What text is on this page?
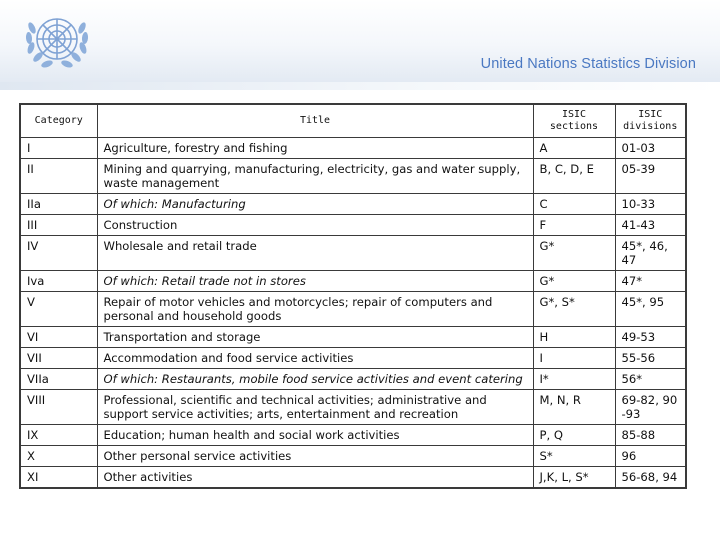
United Nations Statistics Division
Category	Title	ISIC sections	ISIC divisions
I	Agriculture, forestry and fishing	A	01-03
II	Mining and quarrying, manufacturing, electricity, gas and water supply, waste management	B, C, D, E	05-39
IIa	Of which: Manufacturing	C	10-33
III	Construction	F	41-43
IV	Wholesale and retail trade	G*	45*, 46, 47
Iva	Of which: Retail trade not in stores	G*	47*
V	Repair of motor vehicles and motorcycles; repair of computers and personal and household goods	G*, S*	45*, 95
VI	Transportation and storage	H	49-53
VII	Accommodation and food service activities	I	55-56
VIIa	Of which: Restaurants, mobile food service activities and event catering	I*	56*
VIII	Professional, scientific and technical activities; administrative and support service activities; arts, entertainment and recreation	M, N, R	69-82, 90 -93
IX	Education; human health and social work activities	P, Q	85-88
X	Other personal service activities	S*	96
XI	Other activities	J,K, L, S*	56-68, 94
